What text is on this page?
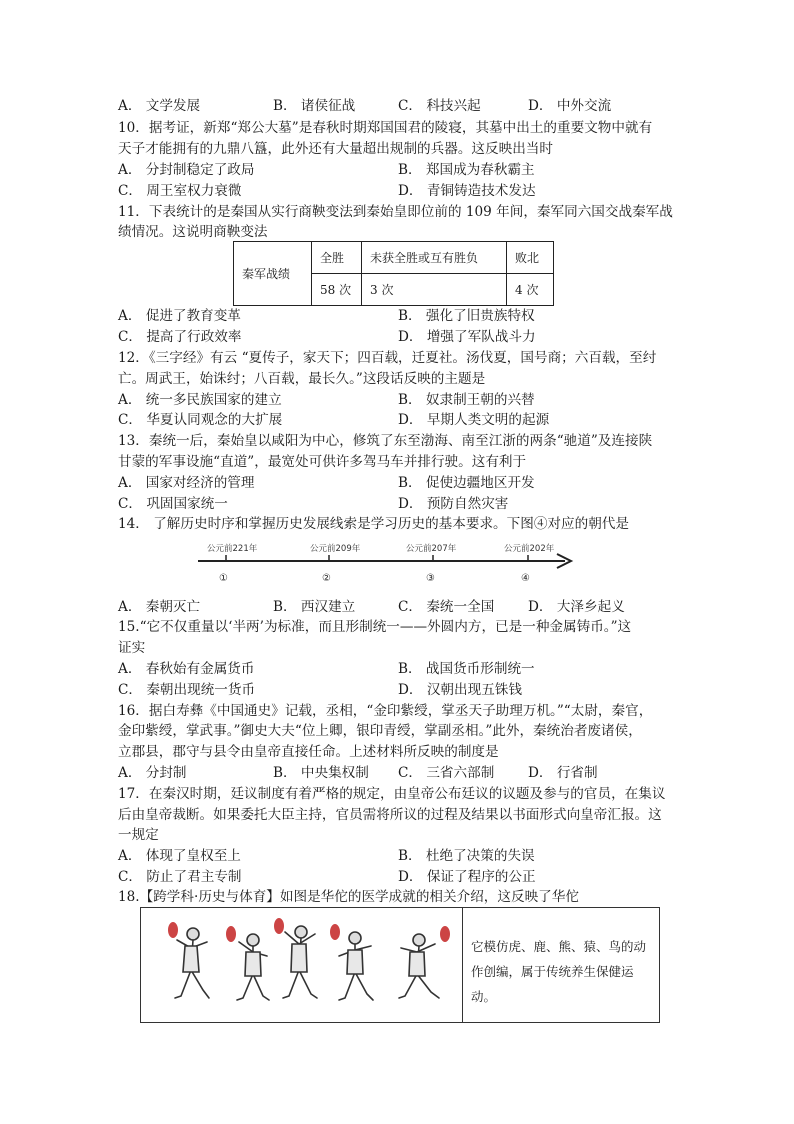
A． 文学发展	B． 诸侯征战	C． 科技兴起	D． 中外交流
10．据考证，新郑“郑公大墓”是春秋时期郑国国君的陵寝，其墓中出土的重要文物中就有
天子才能拥有的九鼎八簋，此外还有大量超出规制的兵器。这反映出当时
A． 分封制稳定了政局	B． 郑国成为春秋霸主
C． 周王室权力衰微	D． 青铜铸造技术发达
11．下表统计的是秦国从实行商鞅变法到秦始皇即位前的 109 年间，秦军同六国交战秦军战
绩情况。这说明商鞅变法
秦军战绩	全胜	未获全胜或互有胜负	败北
	58 次	3 次	4 次
A． 促进了教育变革	B． 强化了旧贵族特权
C． 提高了行政效率	D． 增强了军队战斗力
12．《三字经》有云 “夏传子，家天下；四百载，迁夏社。汤伐夏，国号商；六百载，至纣
亡。周武王，始诛纣；八百载，最长久。”这段话反映的主题是
A． 统一多民族国家的建立	B． 奴隶制王朝的兴替
C． 华夏认同观念的大扩展	D． 早期人类文明的起源
13．秦统一后，秦始皇以咸阳为中心，修筑了东至渤海、南至江浙的两条“驰道”及连接陕
甘蒙的军事设施“直道”，最宽处可供许多驾马车并排行驶。这有利于
A． 国家对经济的管理	B． 促使边疆地区开发
C． 巩固国家统一	D． 预防自然灾害
14． 了解历史时序和掌握历史发展线索是学习历史的基本要求。下图④对应的朝代是
公元前221年	公元前209年	公元前207年	公元前202年
①	②	③	④
A． 秦朝灭亡	B． 西汉建立	C． 秦统一全国 D． 大泽乡起义
15.“它不仅重量以‘半两’为标准，而且形制统一——外圆内方，已是一种金属铸币。”这
证实
A． 春秋始有金属货币	B． 战国货币形制统一
C． 秦朝出现统一货币	D． 汉朝出现五铢钱
16．据白寿彝《中国通史》记载，丞相，“金印紫绶，掌丞天子助理万机。”“太尉，秦官，
金印紫绶，掌武事。”御史大夫“位上卿，银印青绶，掌副丞相。”此外，秦统治者废诸侯，
立郡县，郡守与县令由皇帝直接任命。上述材料所反映的制度是
A． 分封制	B． 中央集权制 C． 三省六部制 D． 行省制
17．在秦汉时期，廷议制度有着严格的规定，由皇帝公布廷议的议题及参与的官员，在集议
后由皇帝裁断。如果委托大臣主持，官员需将所议的过程及结果以书面形式向皇帝汇报。这
一规定
A． 体现了皇权至上	B． 杜绝了决策的失误
C． 防止了君主专制	D． 保证了程序的公正
18.【跨学科·历史与体育】如图是华佗的医学成就的相关介绍，这反映了华佗
它模仿虎、鹿、熊、猿、鸟的动
作创编，属于传统养生保健运
动。
